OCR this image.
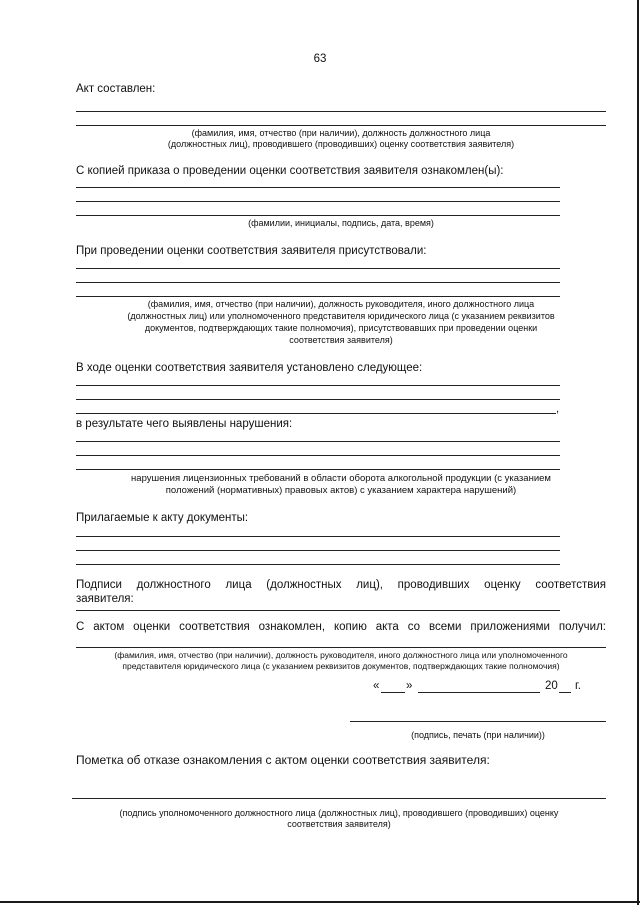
63
Акт составлен:
(фамилия, имя, отчество (при наличии), должность должностного лица
(должностных лиц), проводившего (проводивших) оценку соответствия заявителя)
С копией приказа о проведении оценки соответствия заявителя ознакомлен(ы):
(фамилии, инициалы, подпись, дата, время)
При проведении оценки соответствия заявителя присутствовали:
(фамилия, имя, отчество (при наличии), должность руководителя, иного должностного лица
(должностных лиц) или уполномоченного представителя юридического лица (с указанием реквизитов
документов, подтверждающих такие полномочия), присутствовавших при проведении оценки
соответствия заявителя)
В ходе оценки соответствия заявителя установлено следующее:
,
в результате чего выявлены нарушения:
нарушения лицензионных требований в области оборота алкогольной продукции (с указанием
положений (нормативных) правовых актов) с указанием характера нарушений)
Прилагаемые к акту документы:
Подписи должностного лица (должностных лиц), проводивших оценку соответствия
заявителя:
С актом оценки соответствия ознакомлен, копию акта со всеми приложениями получил:
(фамилия, имя, отчество (при наличии), должность руководителя, иного должностного лица или уполномоченного
представителя юридического лица (с указанием реквизитов документов, подтверждающих такие полномочия)
« »	20 г.
(подпись, печать (при наличии))
Пометка об отказе ознакомления с актом оценки соответствия заявителя:
(подпись уполномоченного должностного лица (должностных лиц), проводившего (проводивших) оценку
соответствия заявителя)
